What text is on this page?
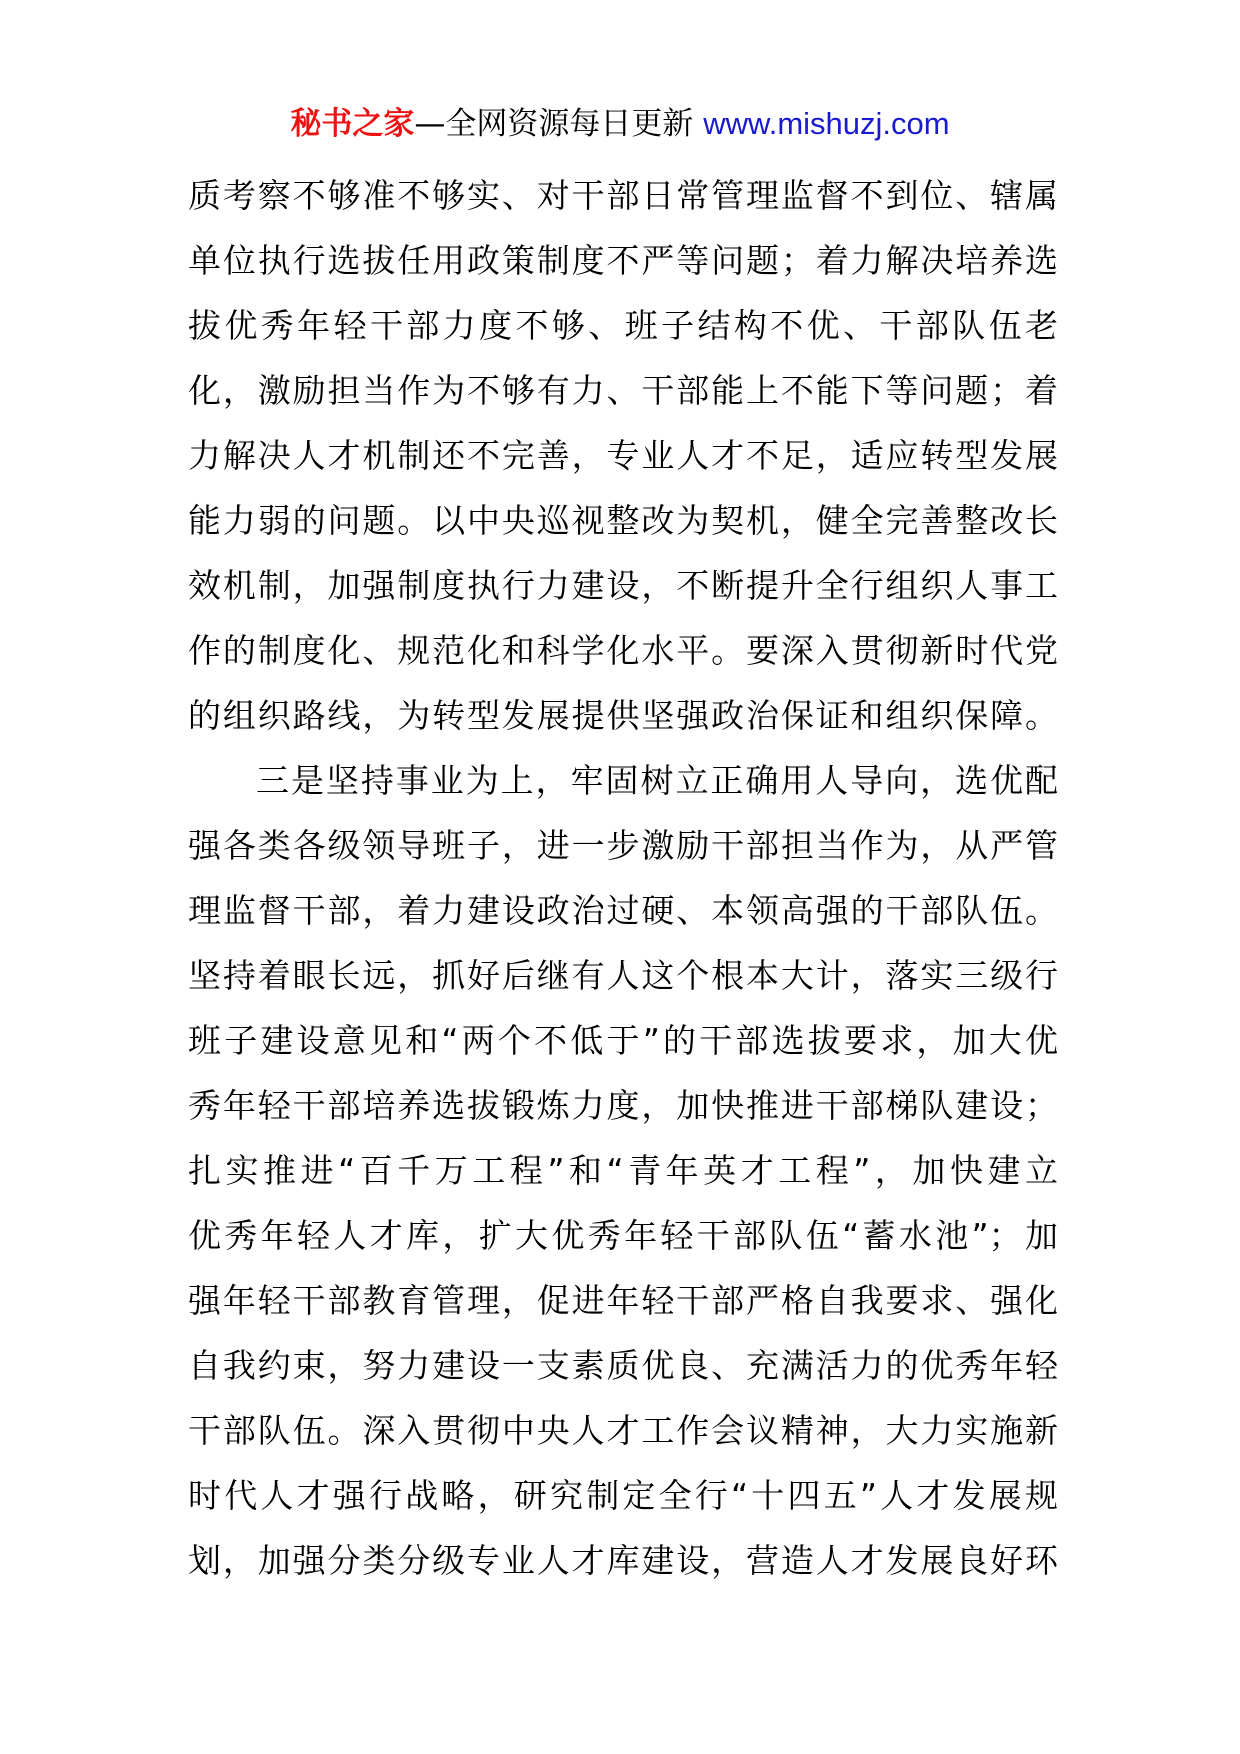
秘书之家—全网资源每日更新 www.mishuzj.com
质考察不够准不够实、对干部日常管理监督不到位、辖属
单位执行选拔任用政策制度不严等问题；着力解决培养选
拔优秀年轻干部力度不够、班子结构不优、干部队伍老
化，激励担当作为不够有力、干部能上不能下等问题；着
力解决人才机制还不完善，专业人才不足，适应转型发展
能力弱的问题。以中央巡视整改为契机，健全完善整改长
效机制，加强制度执行力建设，不断提升全行组织人事工
作的制度化、规范化和科学化水平。要深入贯彻新时代党
的组织路线，为转型发展提供坚强政治保证和组织保障。
三是坚持事业为上，牢固树立正确用人导向，选优配
强各类各级领导班子，进一步激励干部担当作为，从严管
理监督干部，着力建设政治过硬、本领高强的干部队伍。
坚持着眼长远，抓好后继有人这个根本大计，落实三级行
班子建设意见和“两个不低于”的干部选拔要求，加大优
秀年轻干部培养选拔锻炼力度，加快推进干部梯队建设；
扎实推进“百千万工程”和“青年英才工程”，加快建立
优秀年轻人才库，扩大优秀年轻干部队伍“蓄水池”；加
强年轻干部教育管理，促进年轻干部严格自我要求、强化
自我约束，努力建设一支素质优良、充满活力的优秀年轻
干部队伍。深入贯彻中央人才工作会议精神，大力实施新
时代人才强行战略，研究制定全行“十四五”人才发展规
划，加强分类分级专业人才库建设，营造人才发展良好环
